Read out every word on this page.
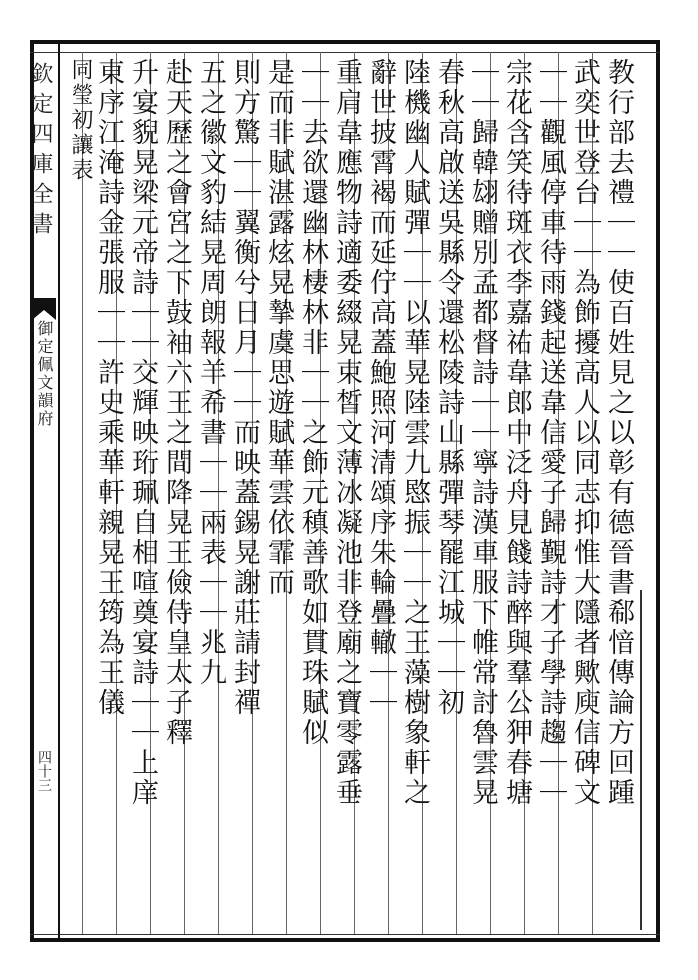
欽定四庫全書
御定佩文韻府
四十三	教行部去禮｜｜使百姓見之以彰有德晉書郗愔傳論方回踵
武奕世登台｜｜為飾擾高人以同志抑惟大隱者歟庾信碑文
｜｜觀風停車待雨錢起送韋信愛子歸覲詩才子學詩趨｜｜
宗花含笑待斑衣李嘉祐韋郎中泛舟見餞詩醉與羣公狎春塘
｜｜歸韓翃贈別孟都督詩｜｜寧詩漢車服下帷常討魯雲晃
春秋高啟送吳縣令還松陵詩山縣彈琴罷江城｜｜初
陸機幽人賦彈｜｜以華晃陸雲九愍振｜｜之王藻樹象軒之
辭世披霄褐而延佇高蓋鮑照河清頌序朱輪疊轍｜｜
重肩韋應物詩適委綴晃束皙文薄冰凝池非登廟之寶零露垂
｜｜去欲還幽林棲林非｜｜之飾元稹善歌如貫珠賦似
是而非賦湛露炫晃摯虞思遊賦華雲依霏而
則方驚｜｜翼衡兮日月｜｜而映蓋錫晃謝莊請封禪
五之徽文豹結晃周朗報羊希書｜｜兩表｜｜兆九
赴天歷之會宮之下鼓袖六王之間降晃王儉侍皇太子釋
升宴貎晃梁元帝詩｜｜交輝映珩珮自相喧奠宴詩｜｜上庠
東序江淹詩金張服｜｜許史乘華軒親晃王筠為王儀
同瑩初讓表
